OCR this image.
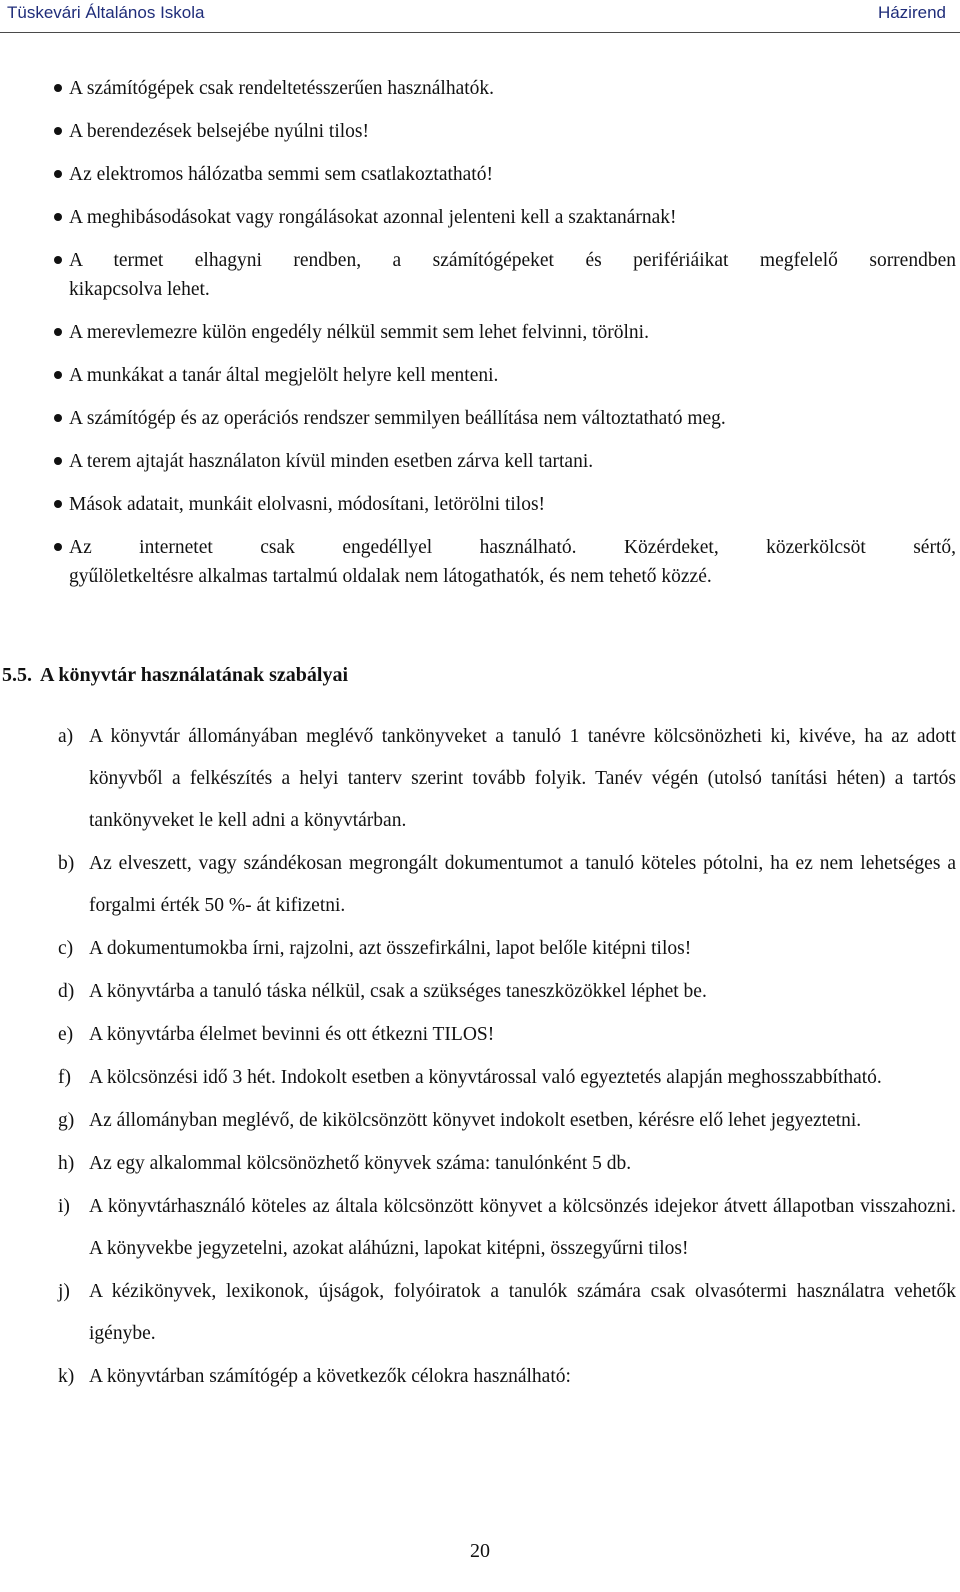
Tüskevári Általános Iskola	Házirend
A számítógépek csak rendeltetésszerűen használhatók.
A berendezések belsejébe nyúlni tilos!
Az elektromos hálózatba semmi sem csatlakoztatható!
A meghibásodásokat vagy rongálásokat azonnal jelenteni kell a szaktanárnak!
A termet elhagyni rendben, a számítógépeket és perifériáikat megfelelő sorrendben
kikapcsolva lehet.
A merevlemezre külön engedély nélkül semmit sem lehet felvinni, törölni.
A munkákat a tanár által megjelölt helyre kell menteni.
A számítógép és az operációs rendszer semmilyen beállítása nem változtatható meg.
A terem ajtaját használaton kívül minden esetben zárva kell tartani.
Mások adatait, munkáit elolvasni, módosítani, letörölni tilos!
Az internetet csak engedéllyel használható. Közérdeket, közerkölcsöt sértő,
gyűlöletkeltésre alkalmas tartalmú oldalak nem látogathatók, és nem tehető közzé.
5.5. A könyvtár használatának szabályai
a) A könyvtár állományában meglévő tankönyveket a tanuló 1 tanévre kölcsönözheti ki, kivéve, ha az adott könyvből a felkészítés a helyi tanterv szerint tovább folyik. Tanév végén (utolsó tanítási héten) a tartós tankönyveket le kell adni a könyvtárban.
b) Az elveszett, vagy szándékosan megrongált dokumentumot a tanuló köteles pótolni, ha ez nem lehetséges a forgalmi érték 50 %- át kifizetni.
c) A dokumentumokba írni, rajzolni, azt összefirkálni, lapot belőle kitépni tilos!
d) A könyvtárba a tanuló táska nélkül, csak a szükséges taneszközökkel léphet be.
e) A könyvtárba élelmet bevinni és ott étkezni TILOS!
f) A kölcsönzési idő 3 hét. Indokolt esetben a könyvtárossal való egyeztetés alapján meghosszabbítható.
g) Az állományban meglévő, de kikölcsönzött könyvet indokolt esetben, kérésre elő lehet jegyeztetni.
h) Az egy alkalommal kölcsönözhető könyvek száma: tanulónként 5 db.
i) A könyvtárhasználó köteles az általa kölcsönzött könyvet a kölcsönzés idejekor átvett állapotban visszahozni. A könyvekbe jegyzetelni, azokat aláhúzni, lapokat kitépni, összegyűrni tilos!
j) A kézikönyvek, lexikonok, újságok, folyóiratok a tanulók számára csak olvasótermi használatra vehetők igénybe.
k) A könyvtárban számítógép a következők célokra használható:
20
